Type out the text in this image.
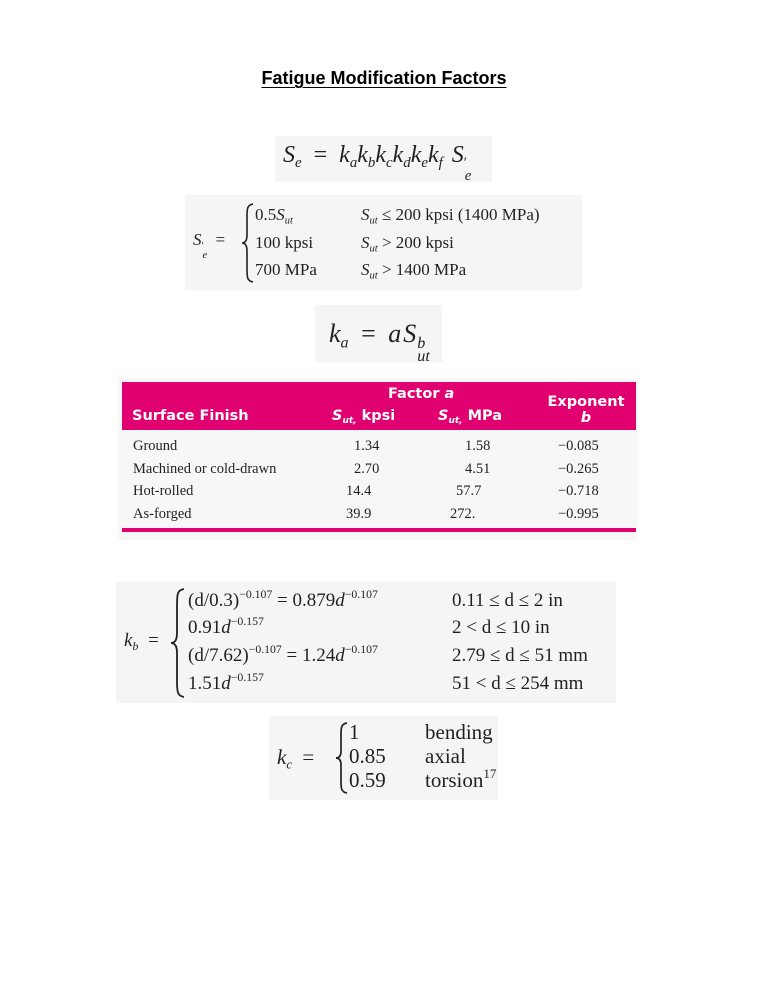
Fatigue Modification Factors
$S_e = k_ak_bk_ck_dk_ek_f$ S ′
e
S ′
e
=
$0.5S_{ut}$	$S_{ut} \le 200$ kpsi (1400 MPa)
100 kpsi	$S_{ut} > 200$ kpsi
700 MPa	$S_{ut} > 1400$ MPa
$k_a$ = aS b
ut
Factor a
Surface Finish	$S_{ut,}$ kpsi	$S_{ut,}$ MPa
Exponent
b
Ground	1.34	1.58	−0.085
Machined or cold-drawn	2.70	4.51	−0.265
Hot-rolled	14.4	57.7	−0.718
As-forged	39.9	272.	−0.995
$k_b$ =
$(d/0.3)^{-0.107} = 0.879d^{-0.107}$	0.11 ≤ d ≤ 2 in
$0.91d^{-0.157}$	2 < d ≤ 10 in
$(d/7.62)^{-0.107} = 1.24d^{-0.107}$	2.79 ≤ d ≤ 51 mm
$1.51d^{-0.157}$	51 < d ≤ 254 mm
$k_c$ =
1	bending
0.85 axial
0.59 torsion$^{17}$
